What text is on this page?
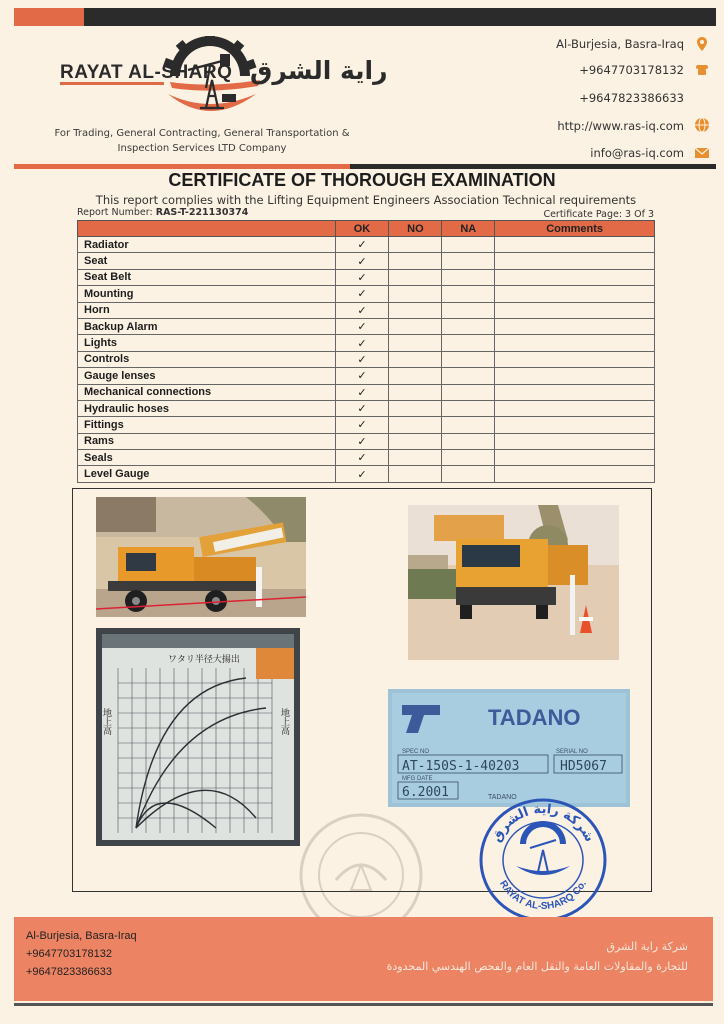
RAYAT AL-SHARQ راية الشرق
For Trading, General Contracting, General Transportation & Inspection Services LTD Company
Al-Burjesia, Basra-Iraq
+9647703178132
+9647823386633
http://www.ras-iq.com
info@ras-iq.com
CERTIFICATE OF THOROUGH EXAMINATION
This report complies with the Lifting Equipment Engineers Association Technical requirements
Report Number: RAS-T-221130374	Certificate Page: 3 Of 3
	OK	NO	NA	Comments
Radiator	✓			
Seat	✓			
Seat Belt	✓			
Mounting	✓			
Horn	✓			
Backup Alarm	✓			
Lights	✓			
Controls	✓			
Gauge lenses	✓			
Mechanical connections	✓			
Hydraulic hoses	✓			
Fittings	✓			
Rams	✓			
Seals	✓			
Level Gauge	✓			
ワタリ半径大揚出
地上高	地上高	TADANO
SPEC NO	SERIAL NO
AT-150S-1-40203	HD5067
MFG DATE
6.2001	TADANO
شركة راية الشرق
RAYAT AL-SHARQ Co.
Al-Burjesia, Basra-Iraq
+9647703178132
+9647823386633
شركة راية الشرق
للتجارة والمقاولات العامة والنقل العام والفحص الهندسي المحدودة
